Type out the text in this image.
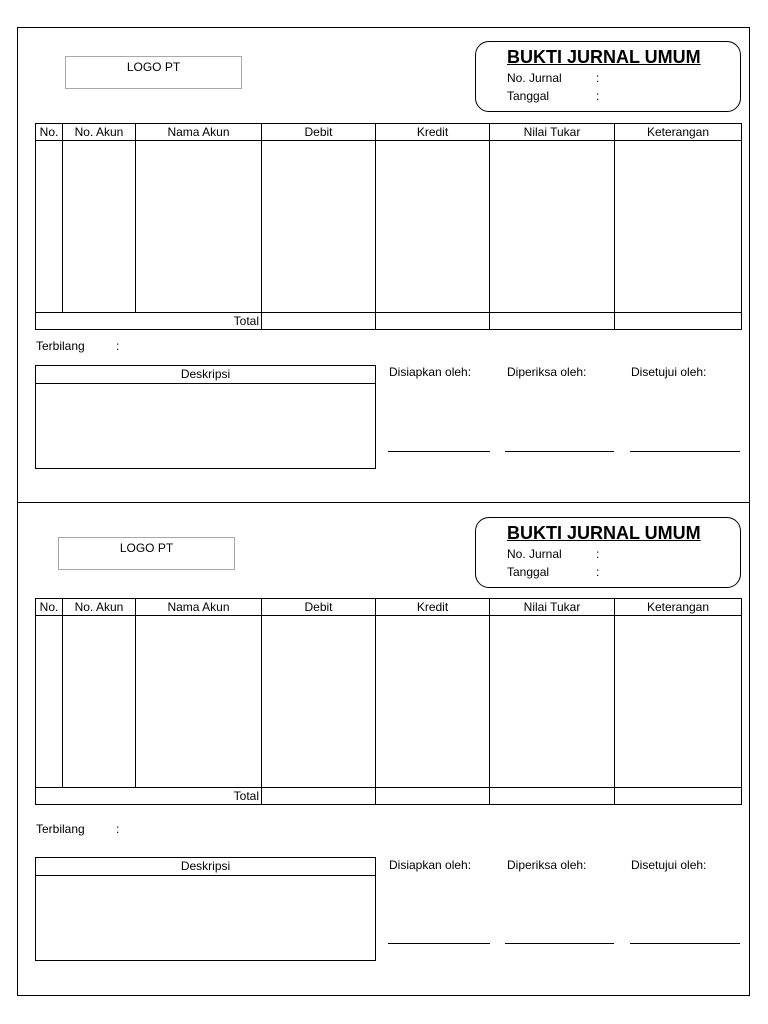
LOGO PT	BUKTI JURNAL UMUM
No. Jurnal	:
Tanggal	:
No.	No. Akun	Nama Akun	Debit	Kredit	Nilai Tukar	Keterangan

	Total					
Terbilang	:
Deskripsi	Disiapkan oleh:	Diperiksa oleh:	Disetujui oleh:
LOGO PT
BUKTI JURNAL UMUM
No. Jurnal	:
Tanggal	:
No.	No. Akun	Nama Akun	Debit	Kredit	Nilai Tukar	Keterangan

	Total					
Terbilang	:
Deskripsi	Disiapkan oleh:	Diperiksa oleh:	Disetujui oleh:
